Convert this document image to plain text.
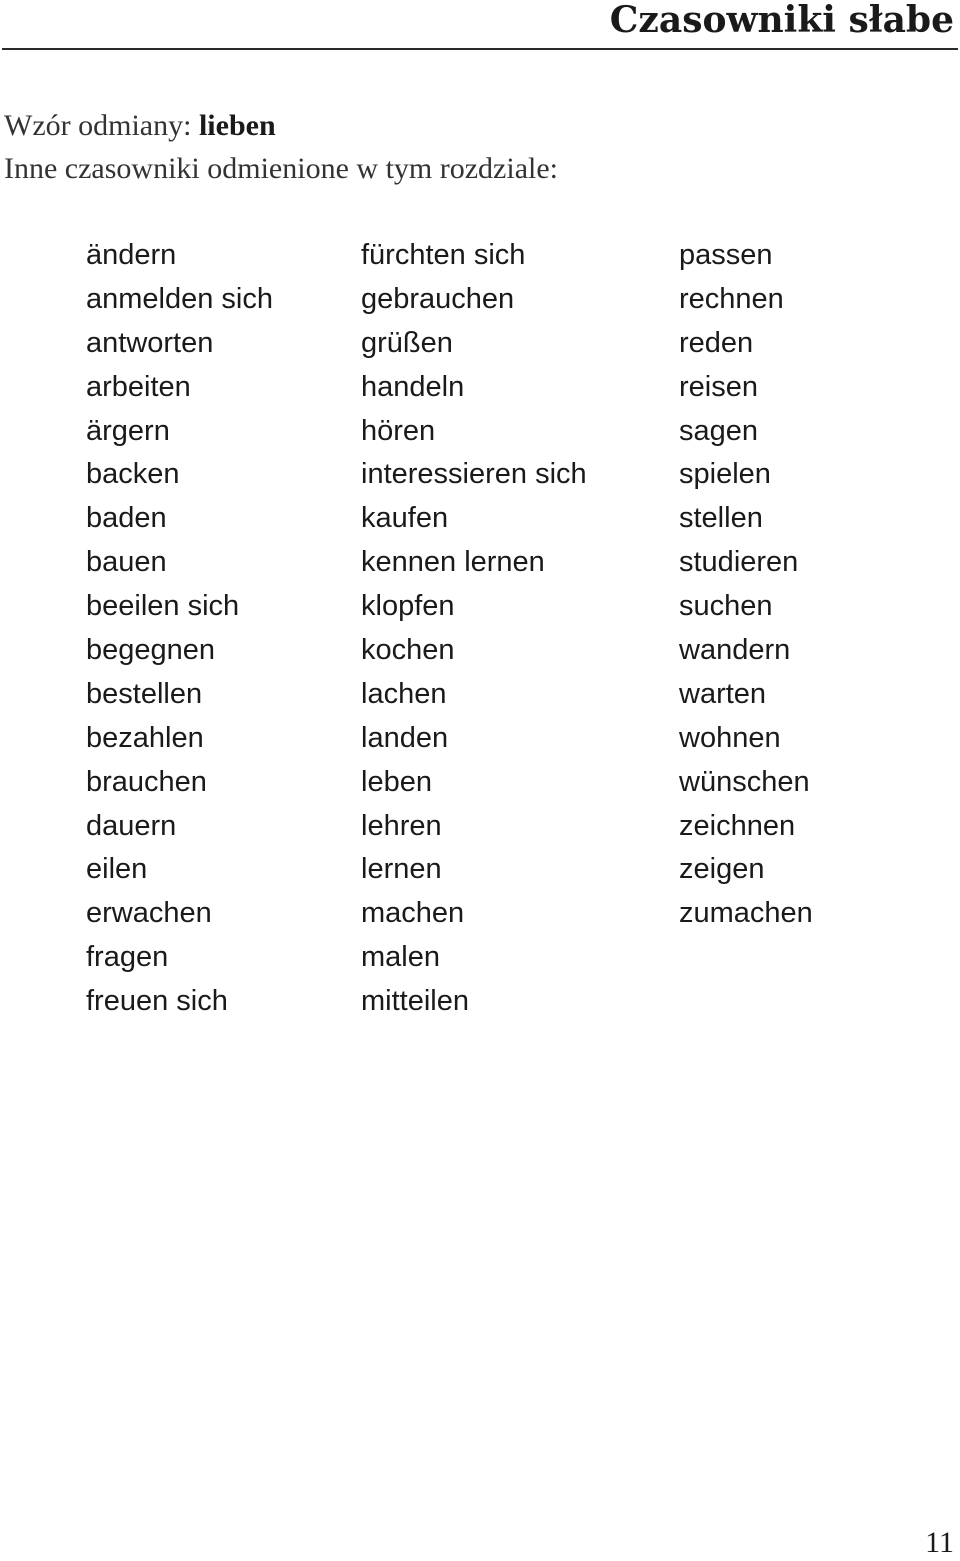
Czasowniki słabe
Wzór odmiany: lieben
Inne czasowniki odmienione w tym rozdziale:
ändern
anmelden sich
antworten
arbeiten
ärgern
backen
baden
bauen
beeilen sich
begegnen
bestellen
bezahlen
brauchen
dauern
eilen
erwachen
fragen
freuen sich
fürchten sich
gebrauchen
grüßen
handeln
hören
interessieren sich
kaufen
kennen lernen
klopfen
kochen
lachen
landen
leben
lehren
lernen
machen
malen
mitteilen
passen
rechnen
reden
reisen
sagen
spielen
stellen
studieren
suchen
wandern
warten
wohnen
wünschen
zeichnen
zeigen
zumachen
11
